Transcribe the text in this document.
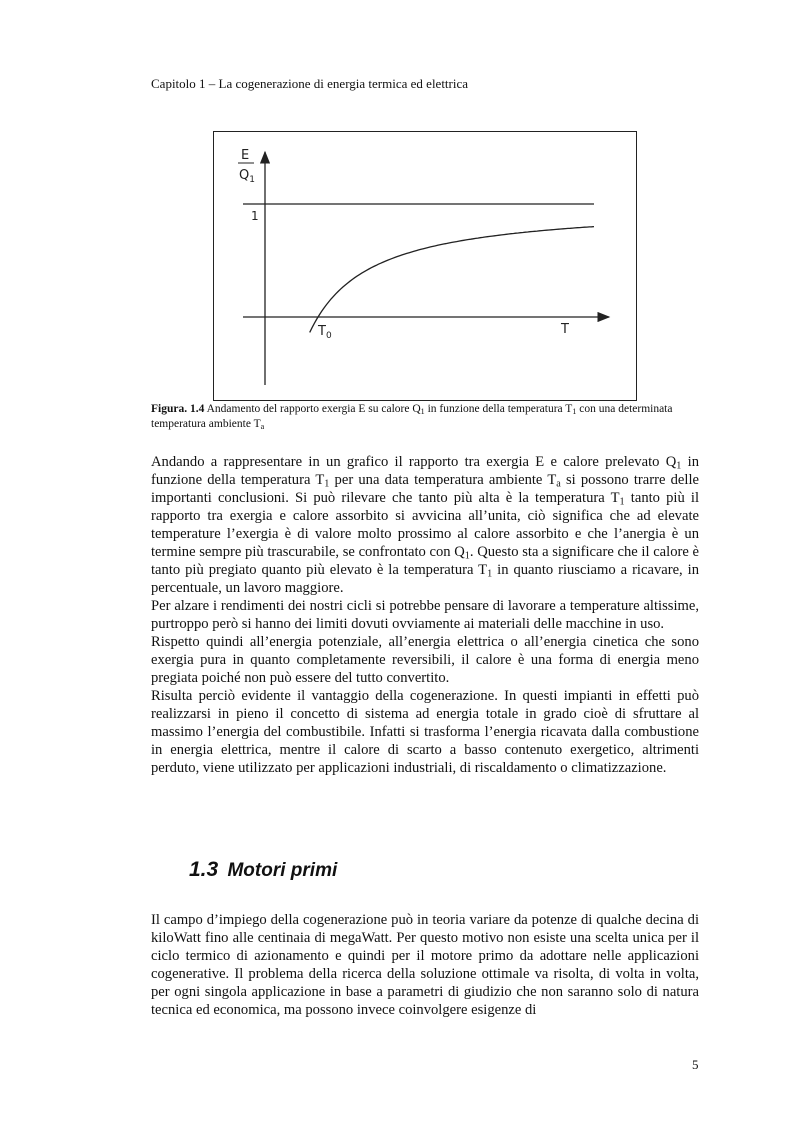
Capitolo 1 – La cogenerazione di energia termica ed elettrica
E
$Q_1$
1
$T_0$	T
Figura. 1.4 Andamento del rapporto exergia E su calore $Q_1$ in funzione della temperatura $T_1$ con una determinata temperatura ambiente $T_a$

Andando a rappresentare in un grafico il rapporto tra exergia E e calore prelevato $Q_1$ in funzione della temperatura $T_1$ per una data temperatura ambiente $T_a$ si possono trarre delle importanti conclusioni. Si può rilevare che tanto più alta è la temperatura $T_1$ tanto più il rapporto tra exergia e calore assorbito si avvicina all’unita, ciò significa che ad elevate temperature l’exergia è di valore molto prossimo al calore assorbito e che l’anergia è un termine sempre più trascurabile, se confrontato con $Q_1$. Questo sta a significare che il calore è tanto più pregiato quanto più elevato è la temperatura $T_1$ in quanto riusciamo a ricavare, in percentuale, un lavoro maggiore.

Per alzare i rendimenti dei nostri cicli si potrebbe pensare di lavorare a temperature altissime, purtroppo però si hanno dei limiti dovuti ovviamente ai materiali delle macchine in uso.

Rispetto quindi all’energia potenziale, all’energia elettrica o all’energia cinetica che sono exergia pura in quanto completamente reversibili, il calore è una forma di energia meno pregiata poiché non può essere del tutto convertito.

Risulta perciò evidente il vantaggio della cogenerazione. In questi impianti in effetti può realizzarsi in pieno il concetto di sistema ad energia totale in grado cioè di sfruttare al massimo l’energia del combustibile. Infatti si trasforma l’energia ricavata dalla combustione in energia elettrica, mentre il calore di scarto a basso contenuto exergetico, altrimenti perduto, viene utilizzato per applicazioni industriali, di riscaldamento o climatizzazione.

1.3 Motori primi

Il campo d’impiego della cogenerazione può in teoria variare da potenze di qualche decina di kiloWatt fino alle centinaia di megaWatt. Per questo motivo non esiste una scelta unica per il ciclo termico di azionamento e quindi per il motore primo da adottare nelle applicazioni cogenerative. Il problema della ricerca della soluzione ottimale va risolta, di volta in volta, per ogni singola applicazione in base a parametri di giudizio che non saranno solo di natura tecnica ed economica, ma possono invece coinvolgere esigenze di

5
